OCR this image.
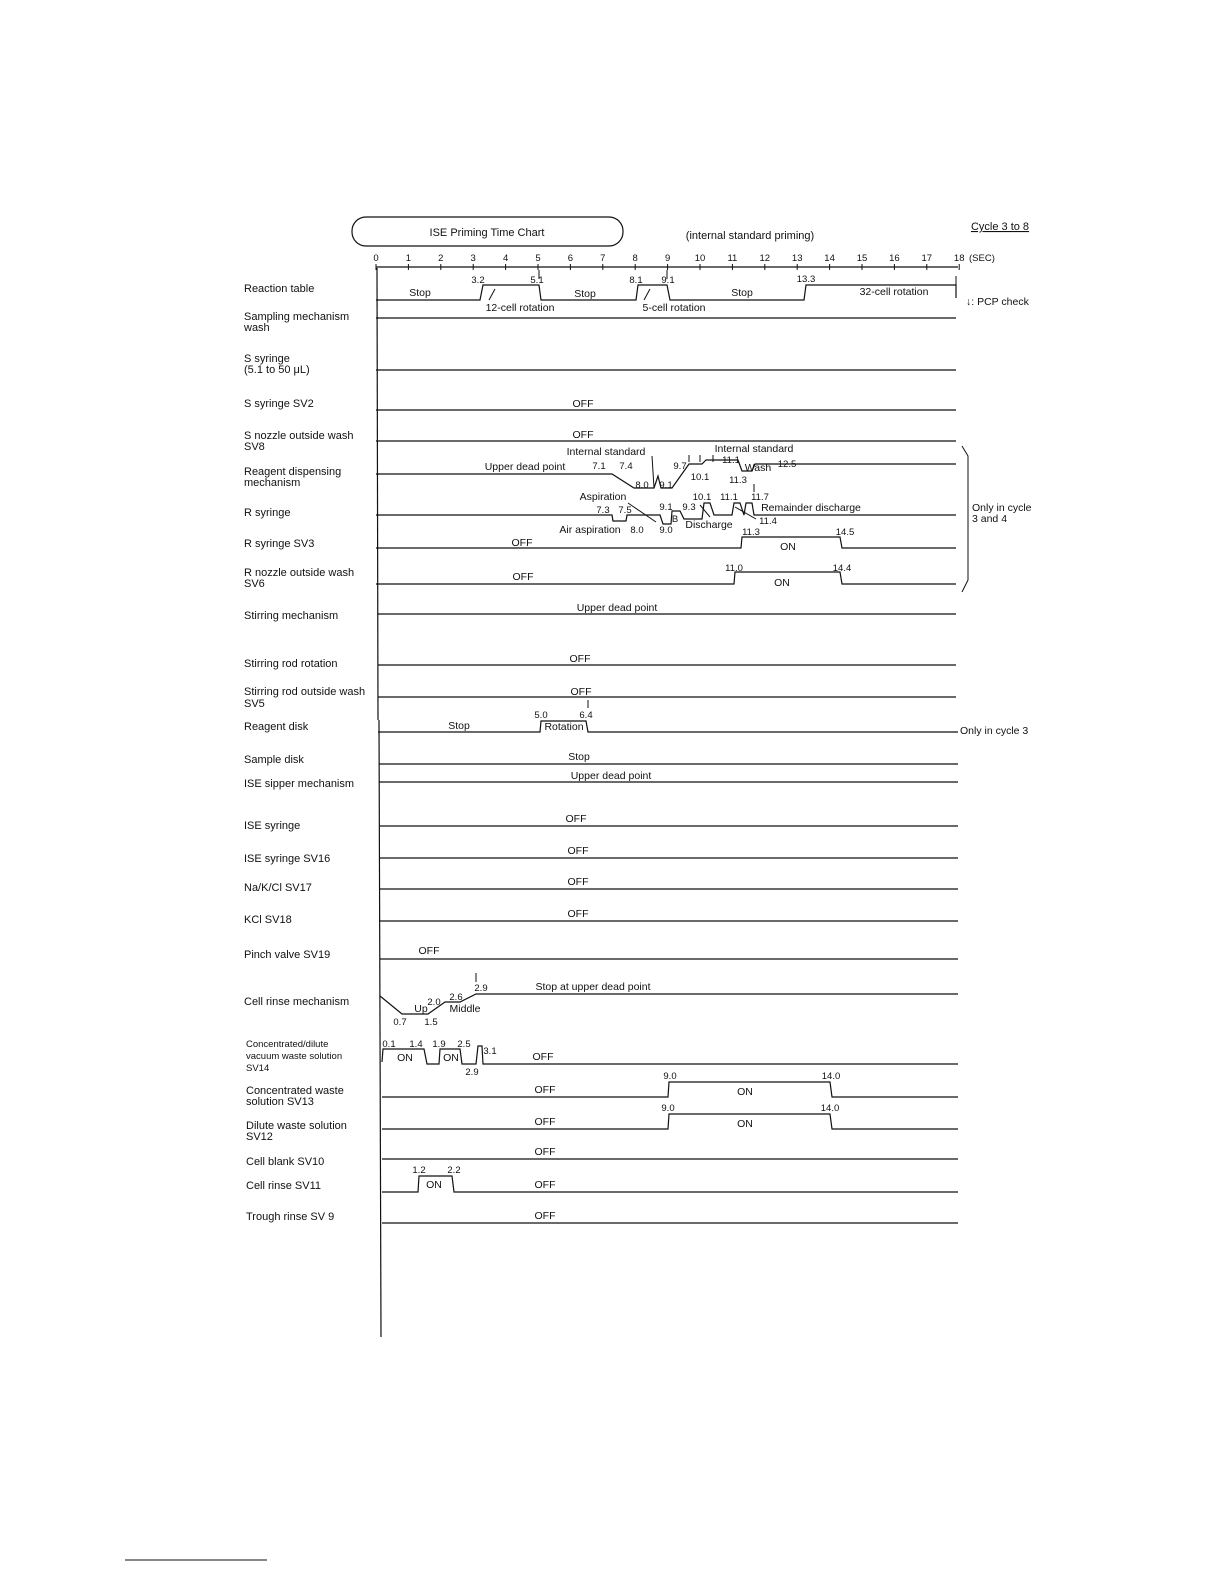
ISE Priming Time Chart	(internal standard priming)
Cycle 3 to 8
0	1	2	3	4	5	6	7	8	9	10 11 12 13 14 15 16 17 18 (SEC)
Reaction table
Sampling mechanism
wash
S syringe
(5.1 to 50 μL)
S syringe SV2
S nozzle outside wash
SV8
Reagent dispensing
mechanism
R syringe
R syringe SV3
R nozzle outside wash
SV6
Stirring mechanism
Stirring rod rotation
Stirring rod outside wash
SV5
Reagent disk
Sample disk
ISE sipper mechanism
ISE syringe
ISE syringe SV16
Na/K/Cl SV17
KCl SV18
Pinch valve SV19
Cell rinse mechanism
Concentrated/dilute
vacuum waste solution
SV14
Concentrated waste
solution SV13
Dilute waste solution
SV12
Cell blank SV10
Cell rinse SV11
Trough rinse SV 9
Stop	Stop	Stop	32-cell rotation
12-cell rotation	5-cell rotation
3.2	5.1	8.1 9.1	13.3
↓: PCP check
OFF
OFF
Internal standard	Internal standard
Upper dead point	7.1 7.4
8.0 9.1
9.7
11.1
Wash 12.5
10.1 11.3
Aspiration	10.1 11.1 11.7
7.3 7.5	9.1 9.3	Remainder discharge
B	11.4
Discharge
Air aspiration 8.0 9.0	11.3
Only in cycle
3 and 4
OFF	ON
14.5
OFF	ON
11.0	14.4
Upper dead point
OFF
OFF
Stop	Rotation
5.0	6.4
Only in cycle 3
Stop
Upper dead point
OFF
OFF
OFF
OFF
OFF
2.9	Stop at upper dead point
2.0 2.6
Up Middle
0.7 1.5
0.1 1.4 1.9 2.5
3.1
ON	ON	OFF
2.9	9.0	14.0
OFF	ON
9.0	14.0
OFF	ON
OFF
1.2 2.2
ON	OFF
OFF
